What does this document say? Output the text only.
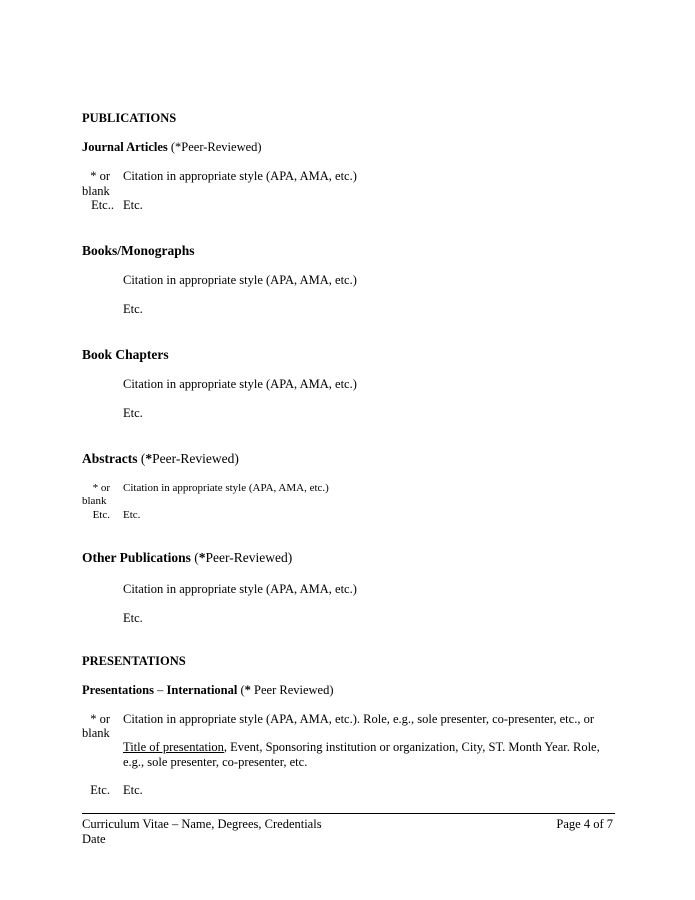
PUBLICATIONS
Journal Articles (*Peer-Reviewed)
* or
blank
Citation in appropriate style (APA, AMA, etc.)
Etc.. Etc.
Books/Monographs
Citation in appropriate style (APA, AMA, etc.)
Etc.
Book Chapters
Citation in appropriate style (APA, AMA, etc.)
Etc.
Abstracts (*Peer-Reviewed)
* or
blank
Citation in appropriate style (APA, AMA, etc.)
Etc. Etc.
Other Publications (*Peer-Reviewed)
Citation in appropriate style (APA, AMA, etc.)
Etc.
PRESENTATIONS
Presentations – International (* Peer Reviewed)
* or
blank
Citation in appropriate style (APA, AMA, etc.). Role, e.g., sole presenter, co-presenter, etc., or
Title of presentation, Event, Sponsoring institution or organization, City, ST. Month Year. Role,
e.g., sole presenter, co-presenter, etc.
Etc. Etc.
Curriculum Vitae – Name, Degrees, Credentials	Page 4 of 7
Date
